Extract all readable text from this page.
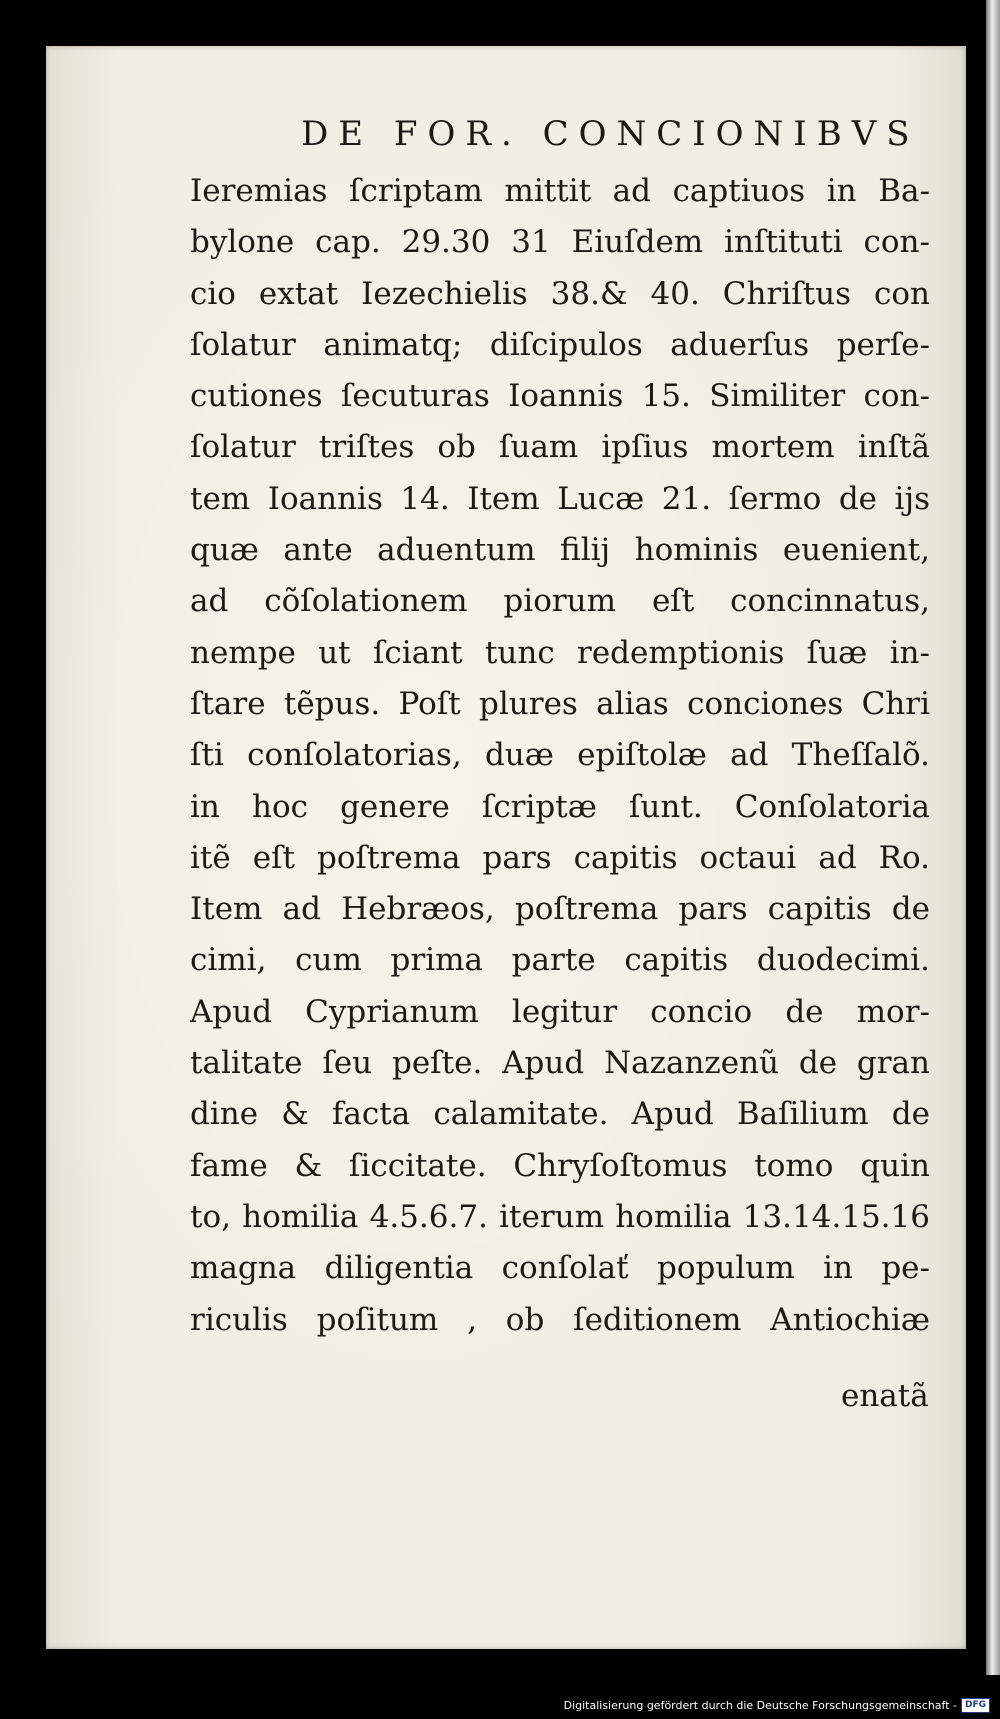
DE FOR. CONCIONIBVS
Ieremias ſcriptam mittit ad captiuos in Ba-
bylone cap. 29.30 31 Eiuſdem inſtituti con-
cio extat Iezechielis 38.& 40. Chriſtus con
ſolatur animatq; diſcipulos aduerſus perſe-
cutiones ſecuturas Ioannis 15. Similiter con-
ſolatur triſtes ob ſuam ipſius mortem inſtã
tem Ioannis 14. Item Lucæ 21. ſermo de ijs
quæ ante aduentum filij hominis euenient,
ad cõſolationem piorum eſt concinnatus,
nempe ut ſciant tunc redemptionis ſuæ in-
ſtare tẽpus. Poſt plures alias conciones Chri
ſti conſolatorias, duæ epiſtolæ ad Theſſalõ.
in hoc genere ſcriptæ ſunt. Conſolatoria
itẽ eſt poſtrema pars capitis octaui ad Ro.
Item ad Hebræos, poſtrema pars capitis de
cimi, cum prima parte capitis duodecimi.
Apud Cyprianum legitur concio de mor-
talitate ſeu peſte. Apud Nazanzenũ de gran
dine & facta calamitate. Apud Baſilium de
fame & ſiccitate. Chryſoſtomus tomo quin
to, homilia 4.5.6.7. iterum homilia 13.14.15.16
magna diligentia conſolať populum in pe-
riculis poſitum , ob ſeditionem Antiochiæ
enatã
Digitalisierung gefördert durch die Deutsche Forschungsgemeinschaft - DFG
